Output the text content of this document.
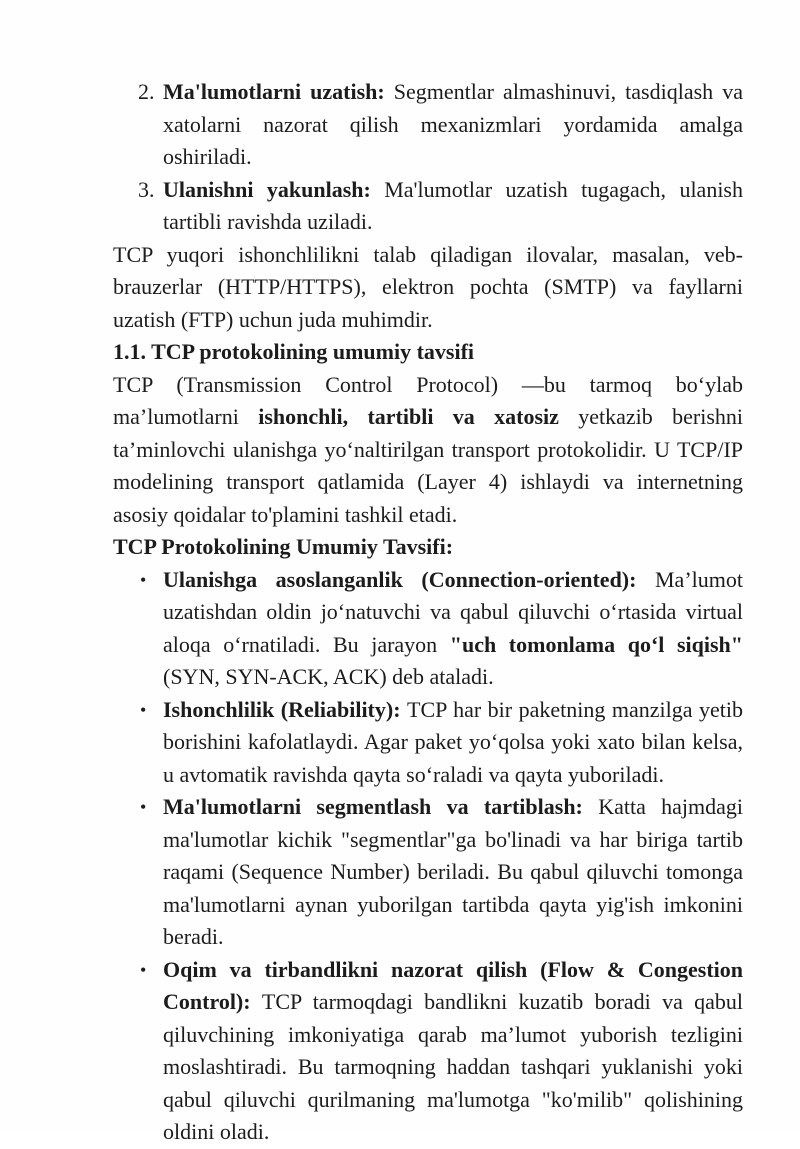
2. Ma'lumotlarni uzatish: Segmentlar almashinuvi, tasdiqlash va xatolarni nazorat qilish mexanizmlari yordamida amalga oshiriladi.
3. Ulanishni yakunlash: Ma'lumotlar uzatish tugagach, ulanish tartibli ravishda uziladi.
TCP yuqori ishonchlilikni talab qiladigan ilovalar, masalan, veb-brauzerlar (HTTP/HTTPS), elektron pochta (SMTP) va fayllarni uzatish (FTP) uchun juda muhimdir.
1.1. TCP protokolining umumiy tavsifi
TCP (Transmission Control Protocol) —bu tarmoq bo‘ylab ma’lumotlarni ishonchli, tartibli va xatosiz yetkazib berishni ta’minlovchi ulanishga yo‘naltirilgan transport protokolidir. U TCP/IP modelining transport qatlamida (Layer 4) ishlaydi va internetning asosiy qoidalar to'plamini tashkil etadi.
TCP Protokolining Umumiy Tavsifi:
• Ulanishga asoslanganlik (Connection-oriented): Ma’lumot uzatishdan oldin jo‘natuvchi va qabul qiluvchi o‘rtasida virtual aloqa o‘rnatiladi. Bu jarayon "uch tomonlama qo‘l siqish" (SYN, SYN-ACK, ACK) deb ataladi.
• Ishonchlilik (Reliability): TCP har bir paketning manzilga yetib borishini kafolatlaydi. Agar paket yo‘qolsa yoki xato bilan kelsa, u avtomatik ravishda qayta so‘raladi va qayta yuboriladi.
• Ma'lumotlarni segmentlash va tartiblash: Katta hajmdagi ma'lumotlar kichik "segmentlar"ga bo'linadi va har biriga tartib raqami (Sequence Number) beriladi. Bu qabul qiluvchi tomonga ma'lumotlarni aynan yuborilgan tartibda qayta yig'ish imkonini beradi.
• Oqim va tirbandlikni nazorat qilish (Flow & Congestion Control): TCP tarmoqdagi bandlikni kuzatib boradi va qabul qiluvchining imkoniyatiga qarab ma’lumot yuborish tezligini moslashtiradi. Bu tarmoqning haddan tashqari yuklanishi yoki qabul qiluvchi qurilmaning ma'lumotga "ko'milib" qolishining oldini oladi.
